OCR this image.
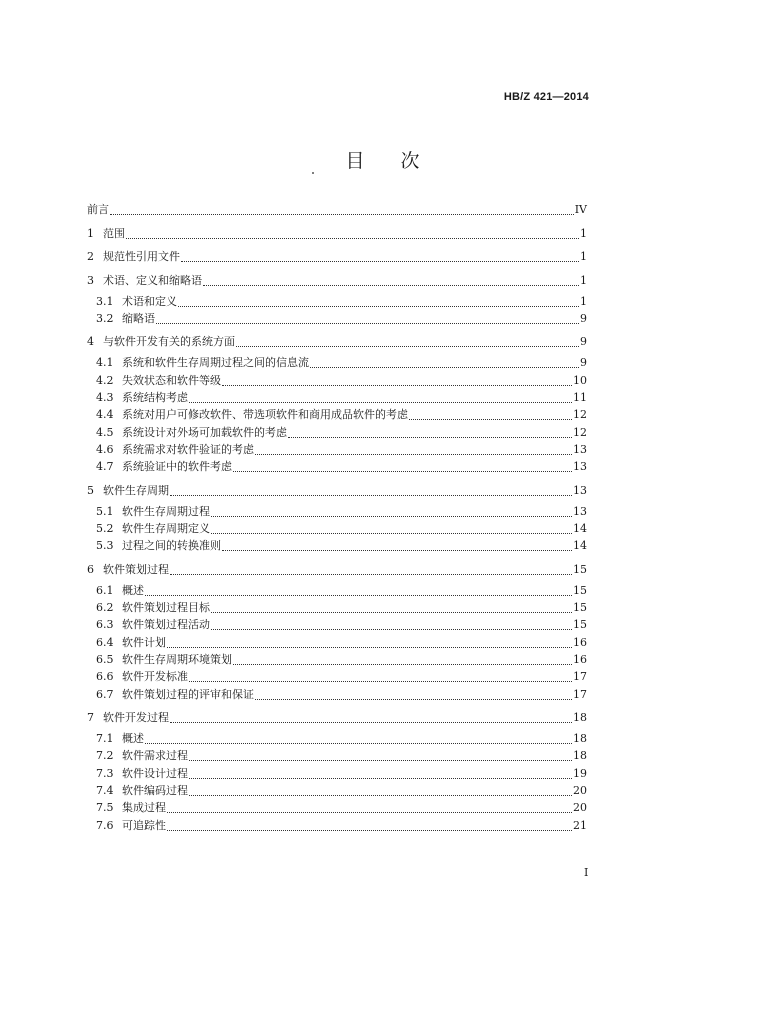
HB/Z 421—2014
目次
前言	IV
1 范围	1
2 规范性引用文件	1
3 术语、定义和缩略语	1
3.1 术语和定义	1
3.2 缩略语	9
4 与软件开发有关的系统方面	9
4.1 系统和软件生存周期过程之间的信息流	9
4.2 失效状态和软件等级	10
4.3 系统结构考虑	11
4.4 系统对用户可修改软件、带选项软件和商用成品软件的考虑	12
4.5 系统设计对外场可加载软件的考虑	12
4.6 系统需求对软件验证的考虑	13
4.7 系统验证中的软件考虑	13
5 软件生存周期	13
5.1 软件生存周期过程	13
5.2 软件生存周期定义	14
5.3 过程之间的转换准则	14
6 软件策划过程	15
6.1 概述	15
6.2 软件策划过程目标	15
6.3 软件策划过程活动	15
6.4 软件计划	16
6.5 软件生存周期环境策划	16
6.6 软件开发标准	17
6.7 软件策划过程的评审和保证	17
7 软件开发过程	18
7.1 概述	18
7.2 软件需求过程	18
7.3 软件设计过程	19
7.4 软件编码过程	20
7.5 集成过程	20
7.6 可追踪性	21
I
